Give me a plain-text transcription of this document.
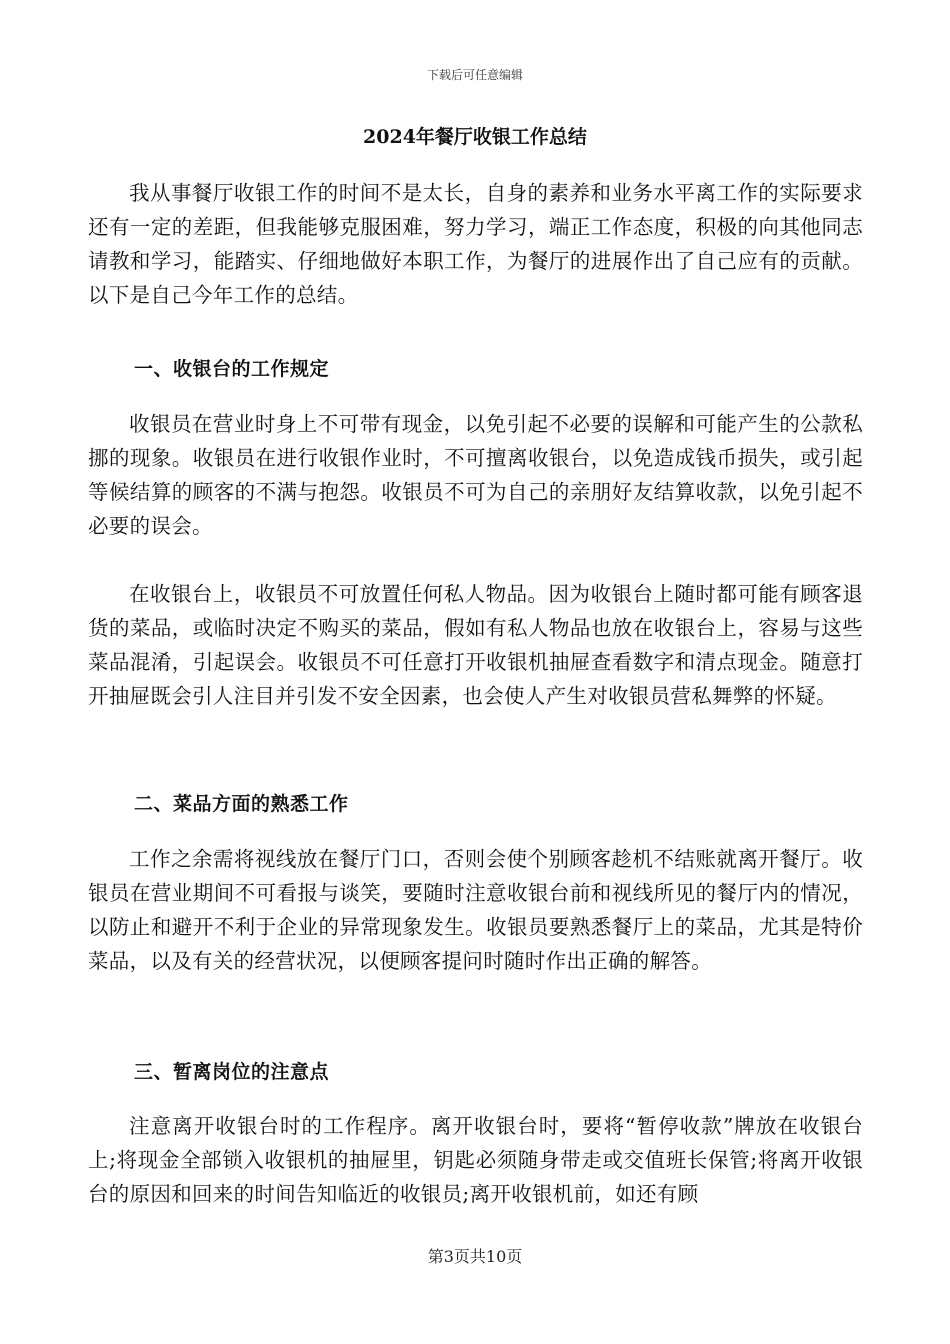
下载后可任意编辑
2024年餐厅收银工作总结

我从事餐厅收银工作的时间不是太长，自身的素养和业务水平离工作的实际要求还有一定的差距，但我能够克服困难，努力学习，端正工作态度，积极的向其他同志请教和学习，能踏实、仔细地做好本职工作，为餐厅的进展作出了自己应有的贡献。以下是自己今年工作的总结。

一、收银台的工作规定

收银员在营业时身上不可带有现金，以免引起不必要的误解和可能产生的公款私挪的现象。收银员在进行收银作业时，不可擅离收银台，以免造成钱币损失，或引起等候结算的顾客的不满与抱怨。收银员不可为自己的亲朋好友结算收款，以免引起不必要的误会。

在收银台上，收银员不可放置任何私人物品。因为收银台上随时都可能有顾客退货的菜品，或临时决定不购买的菜品，假如有私人物品也放在收银台上，容易与这些菜品混淆，引起误会。收银员不可任意打开收银机抽屉查看数字和清点现金。随意打开抽屉既会引人注目并引发不安全因素，也会使人产生对收银员营私舞弊的怀疑。

二、菜品方面的熟悉工作

工作之余需将视线放在餐厅门口，否则会使个别顾客趁机不结账就离开餐厅。收银员在营业期间不可看报与谈笑，要随时注意收银台前和视线所见的餐厅内的情况，以防止和避开不利于企业的异常现象发生。收银员要熟悉餐厅上的菜品，尤其是特价菜品，以及有关的经营状况，以便顾客提问时随时作出正确的解答。

三、暂离岗位的注意点

注意离开收银台时的工作程序。离开收银台时，要将“暂停收款”牌放在收银台上;将现金全部锁入收银机的抽屉里，钥匙必须随身带走或交值班长保管;将离开收银台的原因和回来的时间告知临近的收银员;离开收银机前，如还有顾

第3页共10页
